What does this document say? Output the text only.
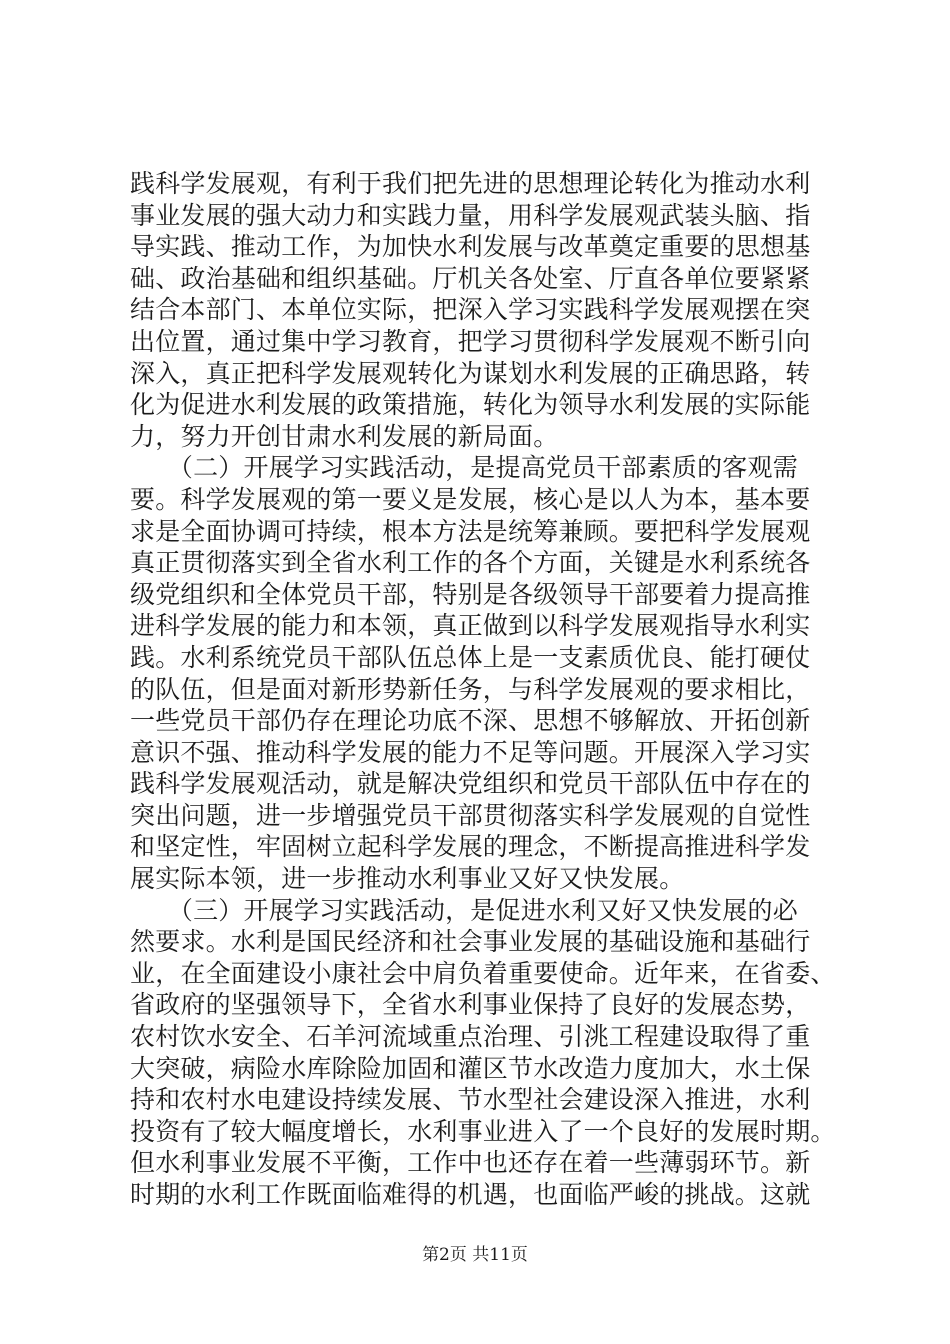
践科学发展观，有利于我们把先进的思想理论转化为推动水利
事业发展的强大动力和实践力量，用科学发展观武装头脑、指
导实践、推动工作，为加快水利发展与改革奠定重要的思想基
础、政治基础和组织基础。厅机关各处室、厅直各单位要紧紧
结合本部门、本单位实际，把深入学习实践科学发展观摆在突
出位置，通过集中学习教育，把学习贯彻科学发展观不断引向
深入，真正把科学发展观转化为谋划水利发展的正确思路，转
化为促进水利发展的政策措施，转化为领导水利发展的实际能
力，努力开创甘肃水利发展的新局面。
　　（二）开展学习实践活动，是提高党员干部素质的客观需
要。科学发展观的第一要义是发展，核心是以人为本，基本要
求是全面协调可持续，根本方法是统筹兼顾。要把科学发展观
真正贯彻落实到全省水利工作的各个方面，关键是水利系统各
级党组织和全体党员干部，特别是各级领导干部要着力提高推
进科学发展的能力和本领，真正做到以科学发展观指导水利实
践。水利系统党员干部队伍总体上是一支素质优良、能打硬仗
的队伍，但是面对新形势新任务，与科学发展观的要求相比，
一些党员干部仍存在理论功底不深、思想不够解放、开拓创新
意识不强、推动科学发展的能力不足等问题。开展深入学习实
践科学发展观活动，就是解决党组织和党员干部队伍中存在的
突出问题，进一步增强党员干部贯彻落实科学发展观的自觉性
和坚定性，牢固树立起科学发展的理念，不断提高推进科学发
展实际本领，进一步推动水利事业又好又快发展。
　　（三）开展学习实践活动，是促进水利又好又快发展的必
然要求。水利是国民经济和社会事业发展的基础设施和基础行
业，在全面建设小康社会中肩负着重要使命。近年来，在省委、
省政府的坚强领导下，全省水利事业保持了良好的发展态势，
农村饮水安全、石羊河流域重点治理、引洮工程建设取得了重
大突破，病险水库除险加固和灌区节水改造力度加大，水土保
持和农村水电建设持续发展、节水型社会建设深入推进，水利
投资有了较大幅度增长，水利事业进入了一个良好的发展时期。
但水利事业发展不平衡，工作中也还存在着一些薄弱环节。新
时期的水利工作既面临难得的机遇，也面临严峻的挑战。这就
第2页 共11页
